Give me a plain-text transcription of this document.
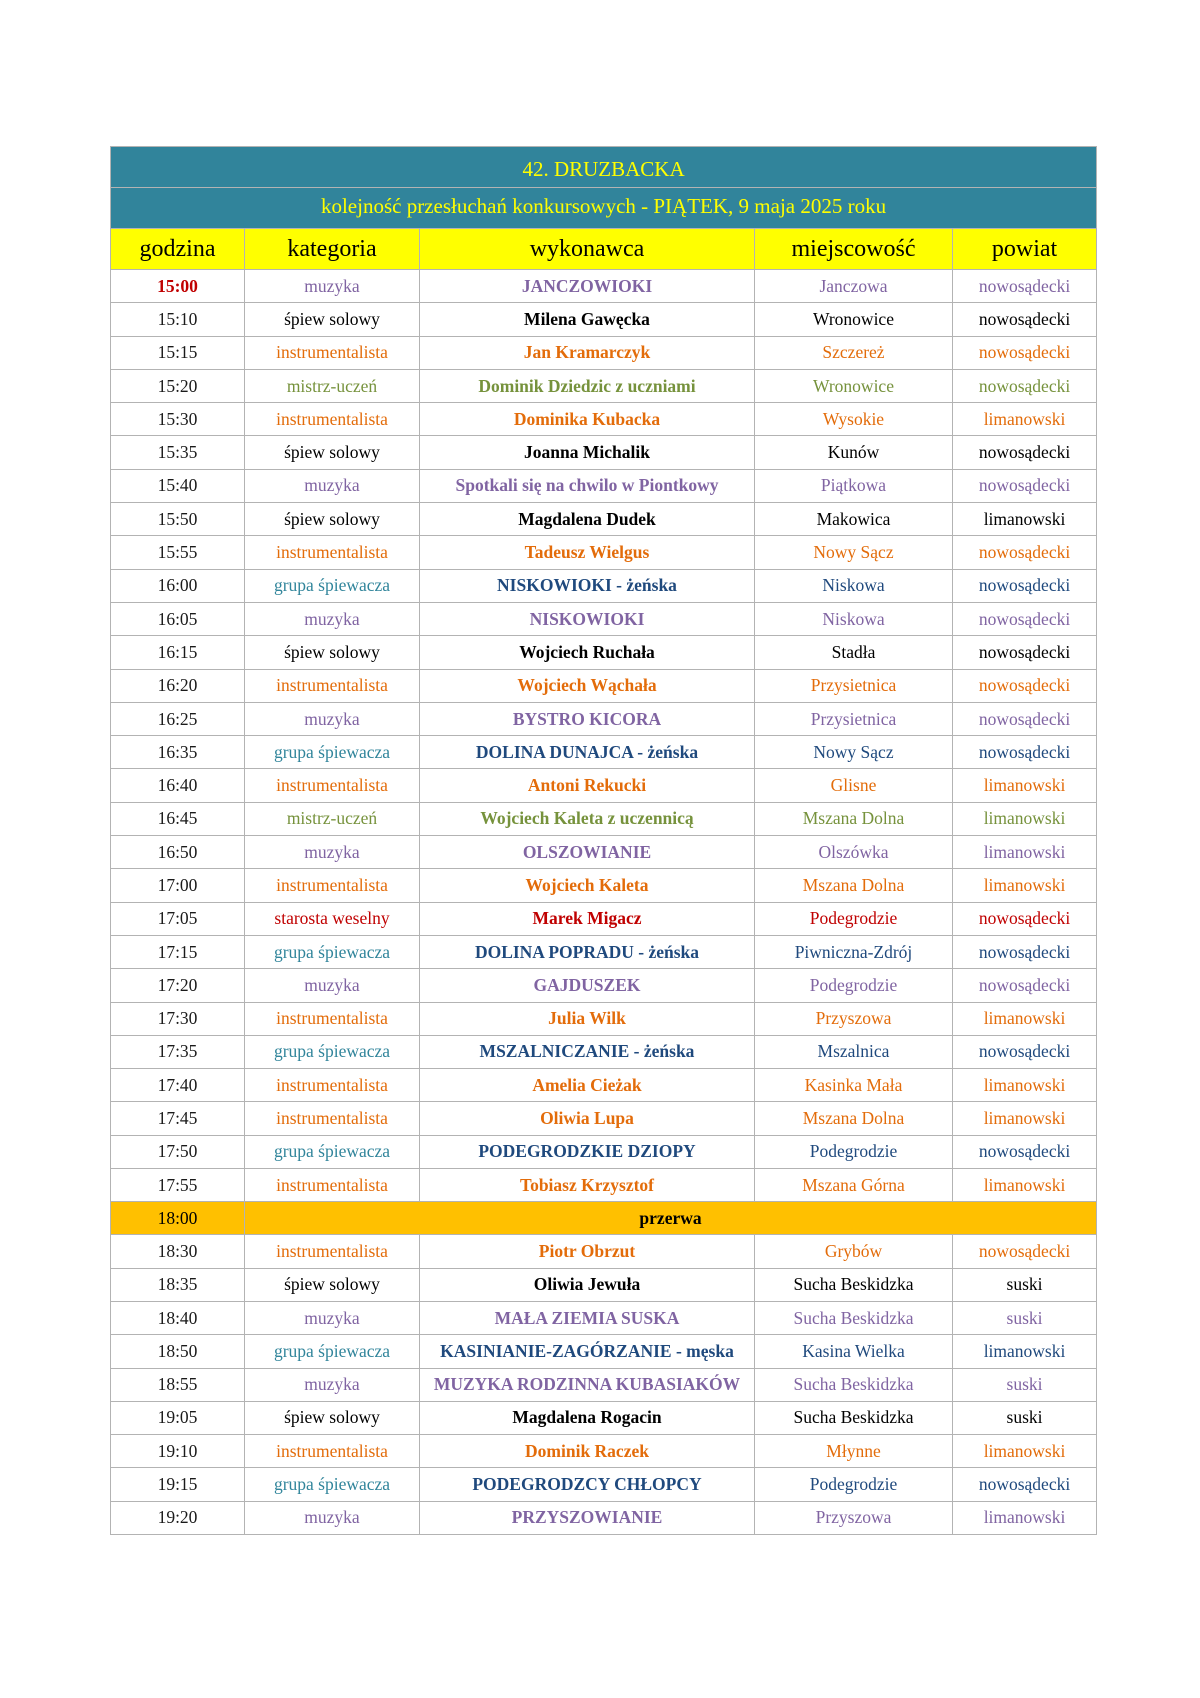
42. DRUZBACKA				
kolejność przesłuchań konkursowych - PIĄTEK, 9 maja 2025 roku				
godzina	kategoria	wykonawca	miejscowość	powiat
15:00	muzyka	JANCZOWIOKI	Janczowa	nowosądecki
15:10	śpiew solowy	Milena Gawęcka	Wronowice	nowosądecki
15:15	instrumentalista	Jan Kramarczyk	Szczereż	nowosądecki
15:20	mistrz-uczeń	Dominik Dziedzic z uczniami	Wronowice	nowosądecki
15:30	instrumentalista	Dominika Kubacka	Wysokie	limanowski
15:35	śpiew solowy	Joanna Michalik	Kunów	nowosądecki
15:40	muzyka	Spotkali się na chwilo w Piontkowy	Piątkowa	nowosądecki
15:50	śpiew solowy	Magdalena Dudek	Makowica	limanowski
15:55	instrumentalista	Tadeusz Wielgus	Nowy Sącz	nowosądecki
16:00	grupa śpiewacza	NISKOWIOKI - żeńska	Niskowa	nowosądecki
16:05	muzyka	NISKOWIOKI	Niskowa	nowosądecki
16:15	śpiew solowy	Wojciech Ruchała	Stadła	nowosądecki
16:20	instrumentalista	Wojciech Wąchała	Przysietnica	nowosądecki
16:25	muzyka	BYSTRO KICORA	Przysietnica	nowosądecki
16:35	grupa śpiewacza	DOLINA DUNAJCA - żeńska	Nowy Sącz	nowosądecki
16:40	instrumentalista	Antoni Rekucki	Glisne	limanowski
16:45	mistrz-uczeń	Wojciech Kaleta z uczennicą	Mszana Dolna	limanowski
16:50	muzyka	OLSZOWIANIE	Olszówka	limanowski
17:00	instrumentalista	Wojciech Kaleta	Mszana Dolna	limanowski
17:05	starosta weselny	Marek Migacz	Podegrodzie	nowosądecki
17:15	grupa śpiewacza	DOLINA POPRADU - żeńska	Piwniczna-Zdrój	nowosądecki
17:20	muzyka	GAJDUSZEK	Podegrodzie	nowosądecki
17:30	instrumentalista	Julia Wilk	Przyszowa	limanowski
17:35	grupa śpiewacza	MSZALNICZANIE - żeńska	Mszalnica	nowosądecki
17:40	instrumentalista	Amelia Cieżak	Kasinka Mała	limanowski
17:45	instrumentalista	Oliwia Lupa	Mszana Dolna	limanowski
17:50	grupa śpiewacza	PODEGRODZKIE DZIOPY	Podegrodzie	nowosądecki
17:55	instrumentalista	Tobiasz Krzysztof	Mszana Górna	limanowski
18:00	przerwa			
18:30	instrumentalista	Piotr Obrzut	Grybów	nowosądecki
18:35	śpiew solowy	Oliwia Jewuła	Sucha Beskidzka	suski
18:40	muzyka	MAŁA ZIEMIA SUSKA	Sucha Beskidzka	suski
18:50	grupa śpiewacza	KASINIANIE-ZAGÓRZANIE - męska	Kasina Wielka	limanowski
18:55	muzyka	MUZYKA RODZINNA KUBASIAKÓW	Sucha Beskidzka	suski
19:05	śpiew solowy	Magdalena Rogacin	Sucha Beskidzka	suski
19:10	instrumentalista	Dominik Raczek	Młynne	limanowski
19:15	grupa śpiewacza	PODEGRODZCY CHŁOPCY	Podegrodzie	nowosądecki
19:20	muzyka	PRZYSZOWIANIE	Przyszowa	limanowski
